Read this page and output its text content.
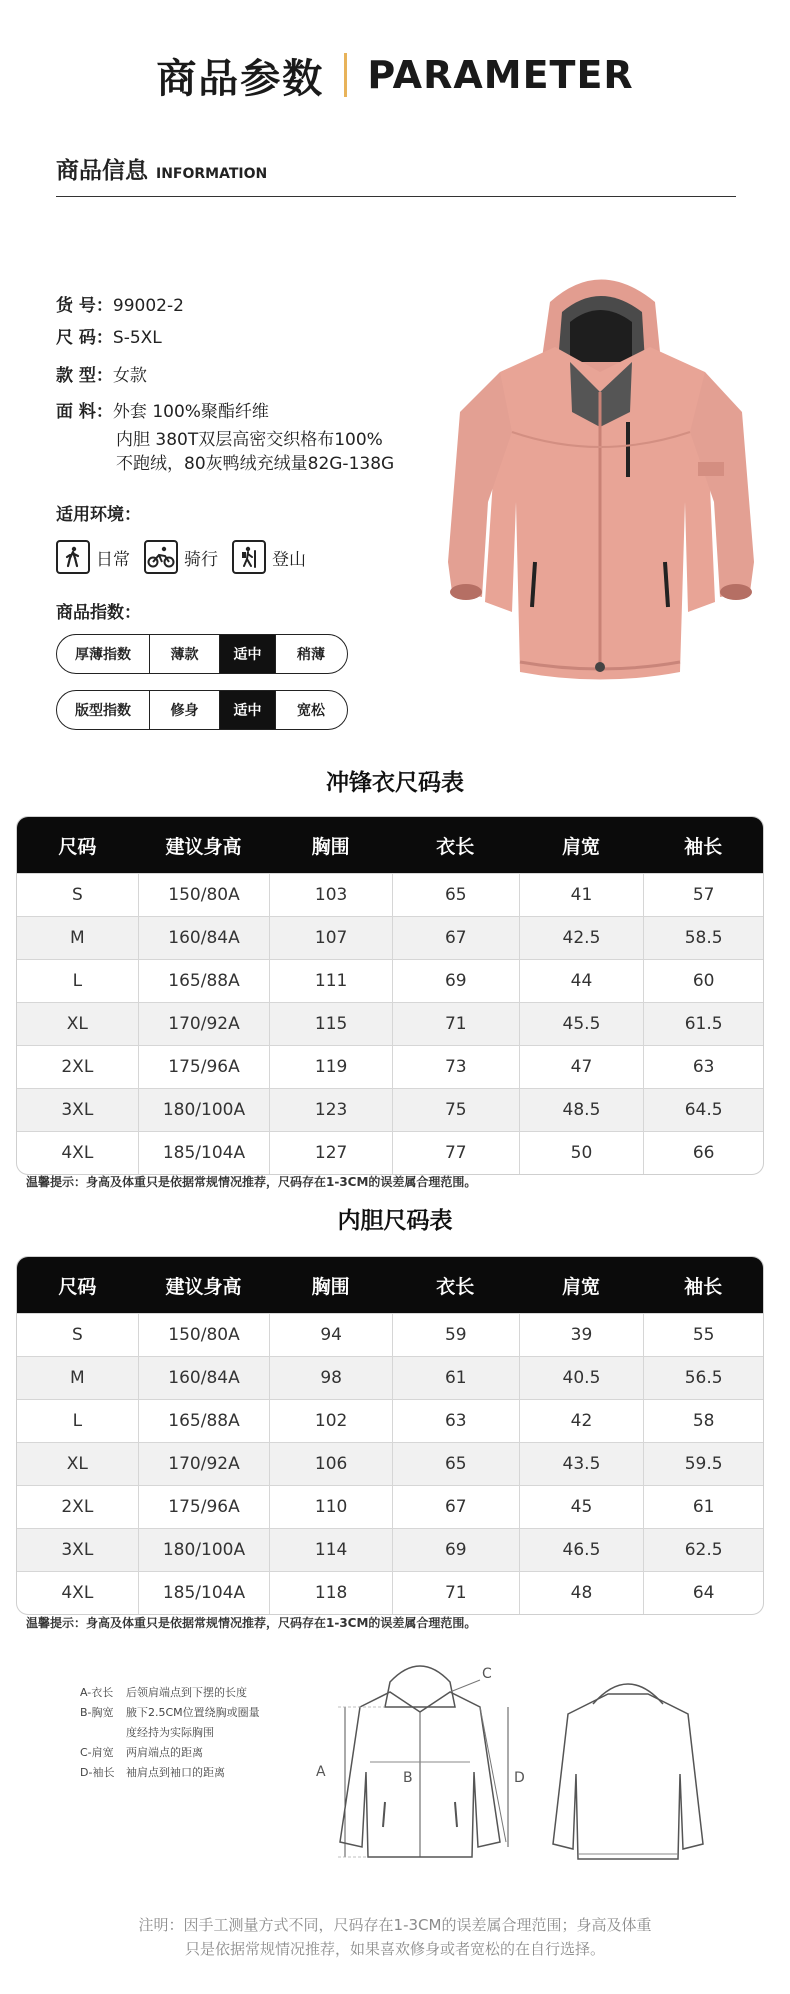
商品参数 PARAMETER
商品信息 INFORMATION
货 号：99002-2
尺 码：S-5XL
款 型：女款
面 料：外套 100%聚酯纤维
内胆 380T双层高密交织格布100%
不跑绒，80灰鸭绒充绒量82G-138G
适用环境：
日常	骑行	登山
商品指数：
厚薄指数	薄款	适中	稍薄
版型指数	修身	适中	宽松
冲锋衣尺码表
尺码	建议身高	胸围	衣长	肩宽	袖长
S	150/80A	103	65	41	57
M	160/84A	107	67	42.5	58.5
L	165/88A	111	69	44	60
XL	170/92A	115	71	45.5	61.5
2XL	175/96A	119	73	47	63
3XL	180/100A	123	75	48.5	64.5
4XL	185/104A	127	77	50	66
温馨提示：身高及体重只是依据常规情况推荐，尺码存在1-3CM的误差属合理范围。
内胆尺码表
尺码	建议身高	胸围	衣长	肩宽	袖长
S	150/80A	94	59	39	55
M	160/84A	98	61	40.5	56.5
L	165/88A	102	63	42	58
XL	170/92A	106	65	43.5	59.5
2XL	175/96A	110	67	45	61
3XL	180/100A	114	69	46.5	62.5
4XL	185/104A	118	71	48	64
温馨提示：身高及体重只是依据常规情况推荐，尺码存在1-3CM的误差属合理范围。
A-衣长 后领肩端点到下摆的长度
B-胸宽 腋下2.5CM位置绕胸或圈量
度经持为实际胸围
C-肩宽 两肩端点的距离
D-袖长 袖肩点到袖口的距离	A	B
C
D
注明：因手工测量方式不同，尺码存在1-3CM的误差属合理范围；身高及体重
只是依据常规情况推荐，如果喜欢修身或者宽松的在自行选择。
